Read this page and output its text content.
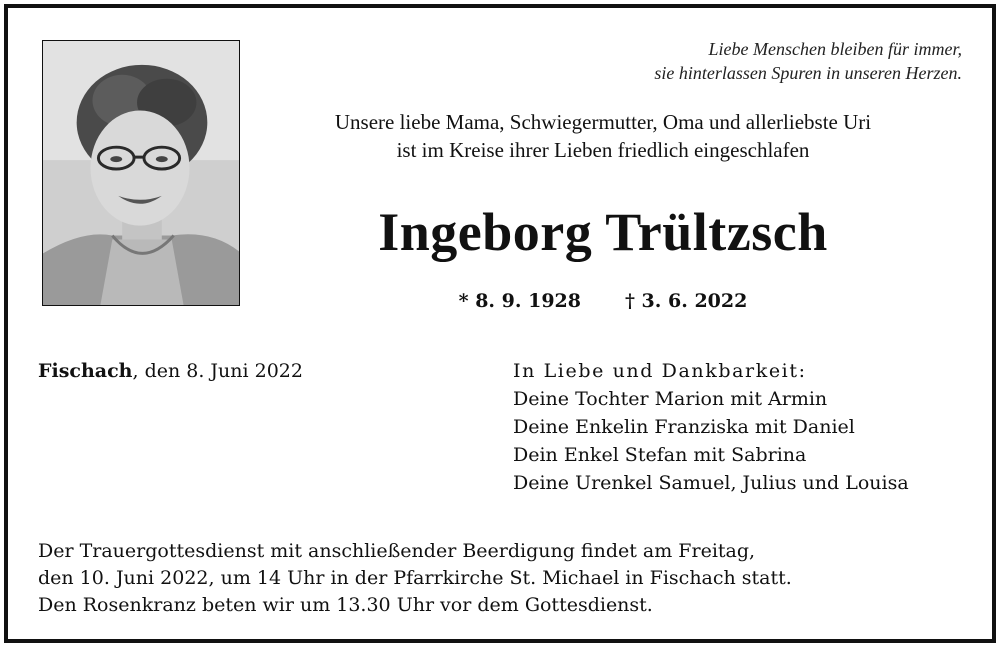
Liebe Menschen bleiben für immer,
sie hinterlassen Spuren in unseren Herzen.
Unsere liebe Mama, Schwiegermutter, Oma und allerliebste Uri
ist im Kreise ihrer Lieben friedlich eingeschlafen
Ingeborg Trültzsch
* 8. 9. 1928 † 3. 6. 2022
Fischach, den 8. Juni 2022	In Liebe und Dankbarkeit:
Deine Tochter Marion mit Armin
Deine Enkelin Franziska mit Daniel
Dein Enkel Stefan mit Sabrina
Deine Urenkel Samuel, Julius und Louisa
Der Trauergottesdienst mit anschließender Beerdigung findet am Freitag,
den 10. Juni 2022, um 14 Uhr in der Pfarrkirche St. Michael in Fischach statt.
Den Rosenkranz beten wir um 13.30 Uhr vor dem Gottesdienst.
